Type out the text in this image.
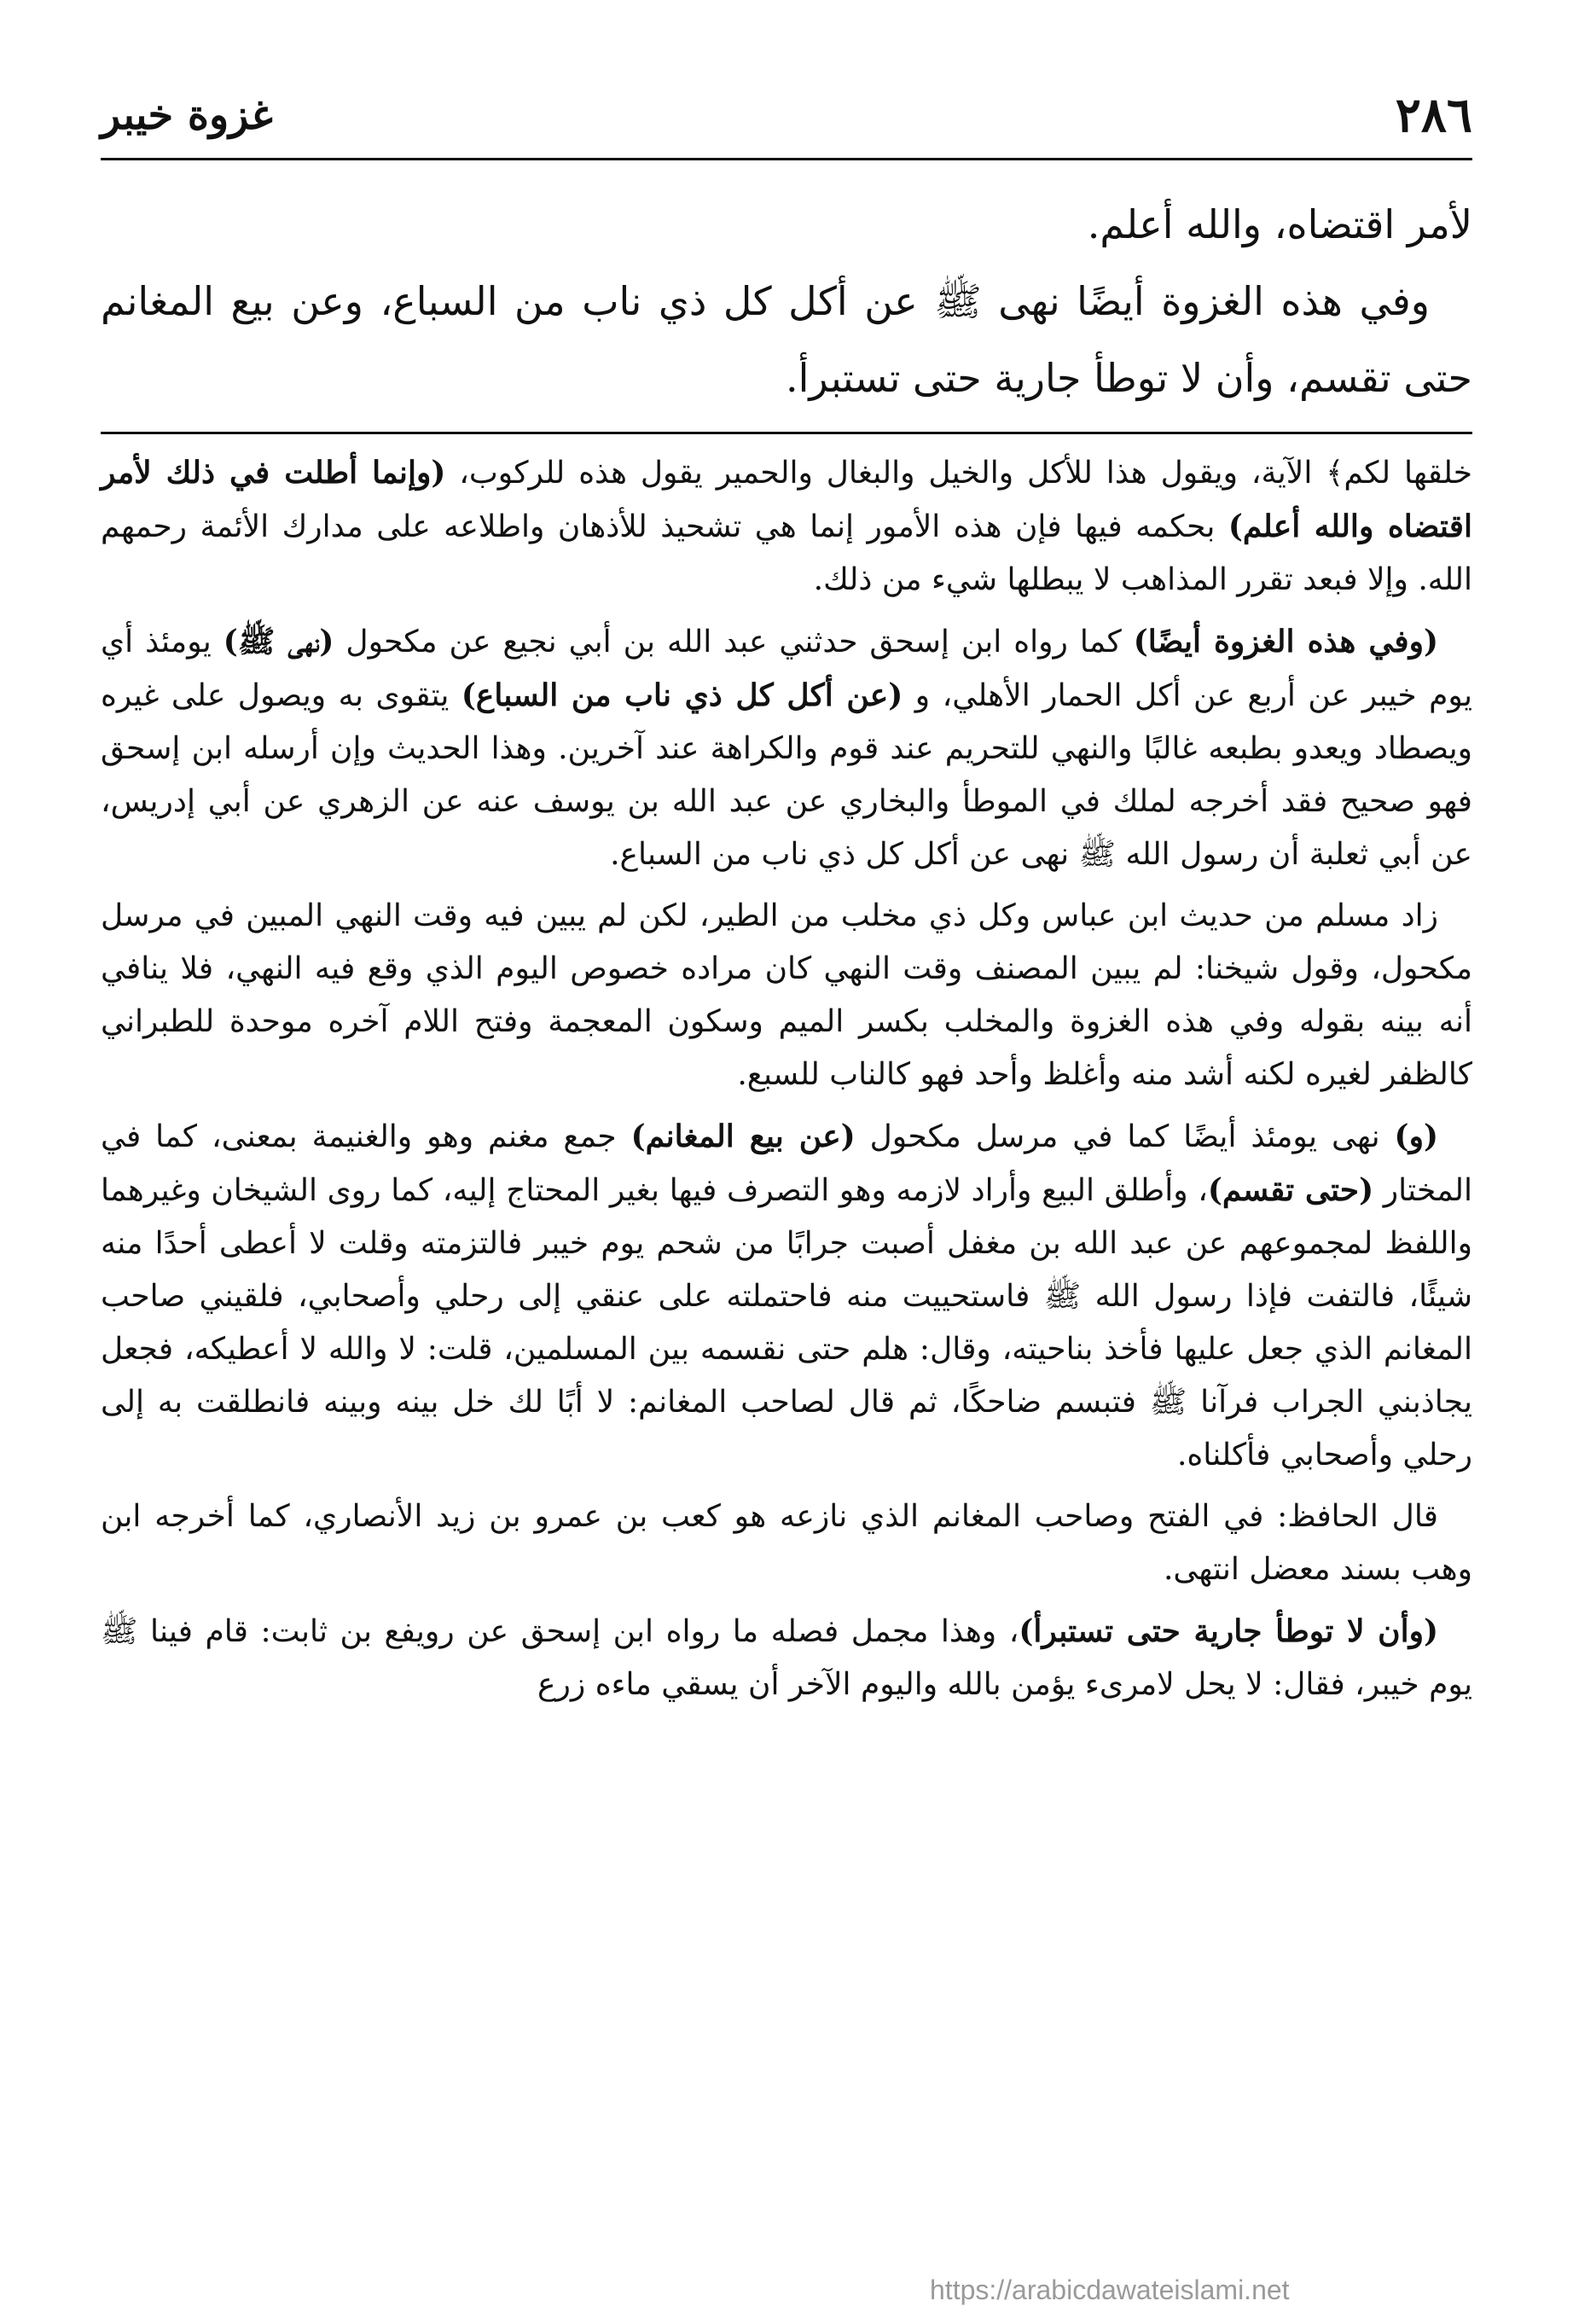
٢٨٦
غزوة خيبر

لأمر اقتضاه، والله أعلم.

وفي هذه الغزوة أيضًا نهى ﷺ عن أكل كل ذي ناب من السباع، وعن بيع المغانم حتى تقسم، وأن لا توطأ جارية حتى تستبرأ.

خلقها لكم﴾ الآية، ويقول هذا للأكل والخيل والبغال والحمير يقول هذه للركوب، (وإنما أطلت في ذلك لأمر اقتضاه والله أعلم) بحكمه فيها فإن هذه الأمور إنما هي تشحيذ للأذهان واطلاعه على مدارك الأئمة رحمهم الله. وإلا فبعد تقرر المذاهب لا يبطلها شيء من ذلك.

(وفي هذه الغزوة أيضًا) كما رواه ابن إسحق حدثني عبد الله بن أبي نجيع عن مكحول (نهى ﷺ) يومئذ أي يوم خيبر عن أربع عن أكل الحمار الأهلي، و (عن أكل كل ذي ناب من السباع) يتقوى به ويصول على غيره ويصطاد ويعدو بطبعه غالبًا والنهي للتحريم عند قوم والكراهة عند آخرين. وهذا الحديث وإن أرسله ابن إسحق فهو صحيح فقد أخرجه لملك في الموطأ والبخاري عن عبد الله بن يوسف عنه عن الزهري عن أبي إدريس، عن أبي ثعلبة أن رسول الله ﷺ نهى عن أكل كل ذي ناب من السباع.

زاد مسلم من حديث ابن عباس وكل ذي مخلب من الطير، لكن لم يبين فيه وقت النهي المبين في مرسل مكحول، وقول شيخنا: لم يبين المصنف وقت النهي كان مراده خصوص اليوم الذي وقع فيه النهي، فلا ينافي أنه بينه بقوله وفي هذه الغزوة والمخلب بكسر الميم وسكون المعجمة وفتح اللام آخره موحدة للطبراني كالظفر لغيره لكنه أشد منه وأغلظ وأحد فهو كالناب للسبع.

(و) نهى يومئذ أيضًا كما في مرسل مكحول (عن بيع المغانم) جمع مغنم وهو والغنيمة بمعنى، كما في المختار (حتى تقسم)، وأطلق البيع وأراد لازمه وهو التصرف فيها بغير المحتاج إليه، كما روى الشيخان وغيرهما واللفظ لمجموعهم عن عبد الله بن مغفل أصبت جرابًا من شحم يوم خيبر فالتزمته وقلت لا أعطى أحدًا منه شيئًا، فالتفت فإذا رسول الله ﷺ فاستحييت منه فاحتملته على عنقي إلى رحلي وأصحابي، فلقيني صاحب المغانم الذي جعل عليها فأخذ بناحيته، وقال: هلم حتى نقسمه بين المسلمين، قلت: لا والله لا أعطيكه، فجعل يجاذبني الجراب فرآنا ﷺ فتبسم ضاحكًا، ثم قال لصاحب المغانم: لا أبًا لك خل بينه وبينه فانطلقت به إلى رحلي وأصحابي فأكلناه.

قال الحافظ: في الفتح وصاحب المغانم الذي نازعه هو كعب بن عمرو بن زيد الأنصاري، كما أخرجه ابن وهب بسند معضل انتهى.

(وأن لا توطأ جارية حتى تستبرأ)، وهذا مجمل فصله ما رواه ابن إسحق عن رويفع بن ثابت: قام فينا ﷺ يوم خيبر، فقال: لا يحل لامرىء يؤمن بالله واليوم الآخر أن يسقي ماءه زرع

https://arabicdawateislami.net
